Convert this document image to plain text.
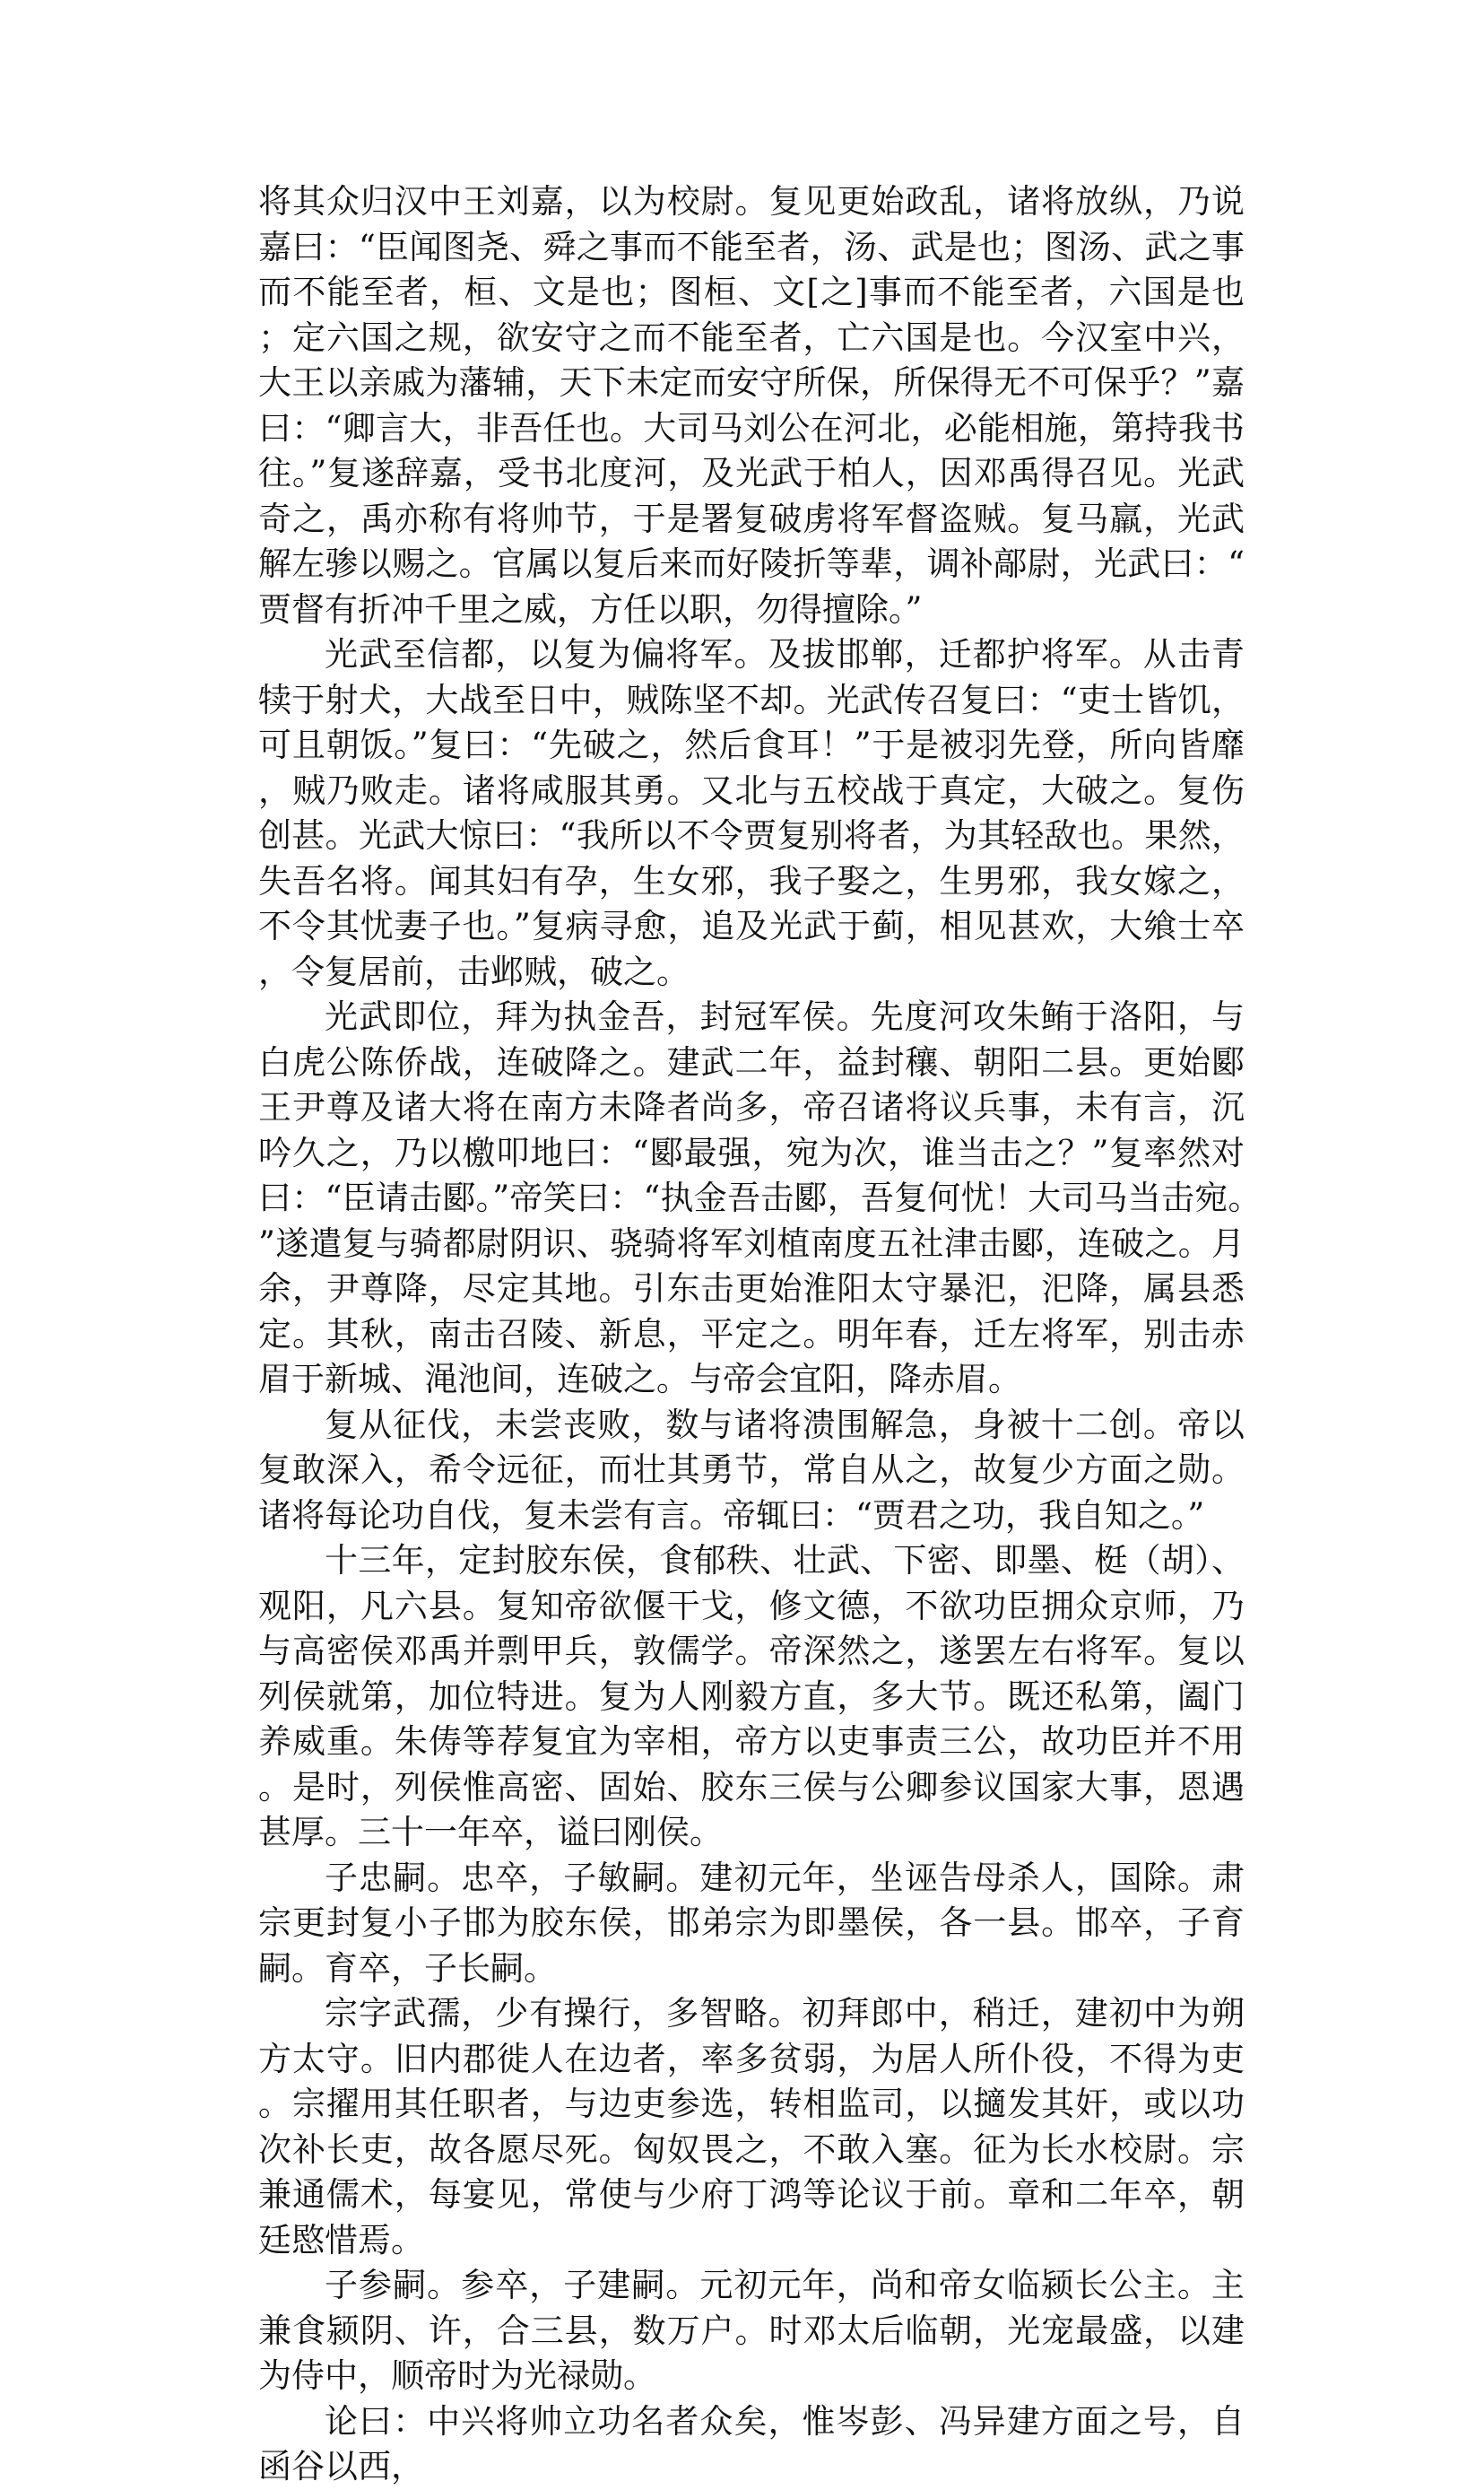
将其众归汉中王刘嘉，以为校尉。复见更始政乱，诸将放纵，乃说嘉曰：“臣闻图尧、舜之事而不能至者，汤、武是也；图汤、武之事而不能至者，桓、文是也；图桓、文[之]事而不能至者，六国是也；定六国之规，欲安守之而不能至者，亡六国是也。今汉室中兴，大王以亲戚为藩辅，天下未定而安守所保，所保得无不可保乎？”嘉曰：“卿言大，非吾任也。大司马刘公在河北，必能相施，第持我书往。”复遂辞嘉，受书北度河，及光武于柏人，因邓禹得召见。光武奇之，禹亦称有将帅节，于是署复破虏将军督盗贼。复马羸，光武解左骖以赐之。官属以复后来而好陵折等辈，调补鄗尉，光武曰：“贾督有折冲千里之威，方任以职，勿得擅除。”

光武至信都，以复为偏将军。及拔邯郸，迁都护将军。从击青犊于射犬，大战至日中，贼陈坚不却。光武传召复曰：“吏士皆饥，可且朝饭。”复曰：“先破之，然后食耳！”于是被羽先登，所向皆靡，贼乃败走。诸将咸服其勇。又北与五校战于真定，大破之。复伤创甚。光武大惊曰：“我所以不令贾复别将者，为其轻敌也。果然，失吾名将。闻其妇有孕，生女邪，我子娶之，生男邪，我女嫁之，不令其忧妻子也。”复病寻愈，追及光武于蓟，相见甚欢，大飨士卒，令复居前，击邺贼，破之。

光武即位，拜为执金吾，封冠军侯。先度河攻朱鲔于洛阳，与白虎公陈侨战，连破降之。建武二年，益封穰、朝阳二县。更始郾王尹尊及诸大将在南方未降者尚多，帝召诸将议兵事，未有言，沉吟久之，乃以檄叩地曰：“郾最强，宛为次，谁当击之？”复率然对曰：“臣请击郾。”帝笑曰：“执金吾击郾，吾复何忧！大司马当击宛。”遂遣复与骑都尉阴识、骁骑将军刘植南度五社津击郾，连破之。月余，尹尊降，尽定其地。引东击更始淮阳太守暴汜，汜降，属县悉定。其秋，南击召陵、新息，平定之。明年春，迁左将军，别击赤眉于新城、渑池间，连破之。与帝会宜阳，降赤眉。

复从征伐，未尝丧败，数与诸将溃围解急，身被十二创。帝以复敢深入，希令远征，而壮其勇节，常自从之，故复少方面之勋。诸将每论功自伐，复未尝有言。帝辄曰：“贾君之功，我自知之。”

十三年，定封胶东侯，食郁秩、壮武、下密、即墨、梃（胡）、观阳，凡六县。复知帝欲偃干戈，修文德，不欲功臣拥众京师，乃与高密侯邓禹并剽甲兵，敦儒学。帝深然之，遂罢左右将军。复以列侯就第，加位特进。复为人刚毅方直，多大节。既还私第，阖门养威重。朱俦等荐复宜为宰相，帝方以吏事责三公，故功臣并不用。是时，列侯惟高密、固始、胶东三侯与公卿参议国家大事，恩遇甚厚。三十一年卒，谥曰刚侯。

子忠嗣。忠卒，子敏嗣。建初元年，坐诬告母杀人，国除。肃宗更封复小子邯为胶东侯，邯弟宗为即墨侯，各一县。邯卒，子育嗣。育卒，子长嗣。

宗字武孺，少有操行，多智略。初拜郎中，稍迁，建初中为朔方太守。旧内郡徙人在边者，率多贫弱，为居人所仆役，不得为吏。宗擢用其任职者，与边吏参选，转相监司，以擿发其奸，或以功次补长吏，故各愿尽死。匈奴畏之，不敢入塞。征为长水校尉。宗兼通儒术，每宴见，常使与少府丁鸿等论议于前。章和二年卒，朝廷愍惜焉。

子参嗣。参卒，子建嗣。元初元年，尚和帝女临颍长公主。主兼食颍阴、许，合三县，数万户。时邓太后临朝，光宠最盛，以建为侍中，顺帝时为光禄勋。

论曰：中兴将帅立功名者众矣，惟岑彭、冯异建方面之号，自函谷以西，
